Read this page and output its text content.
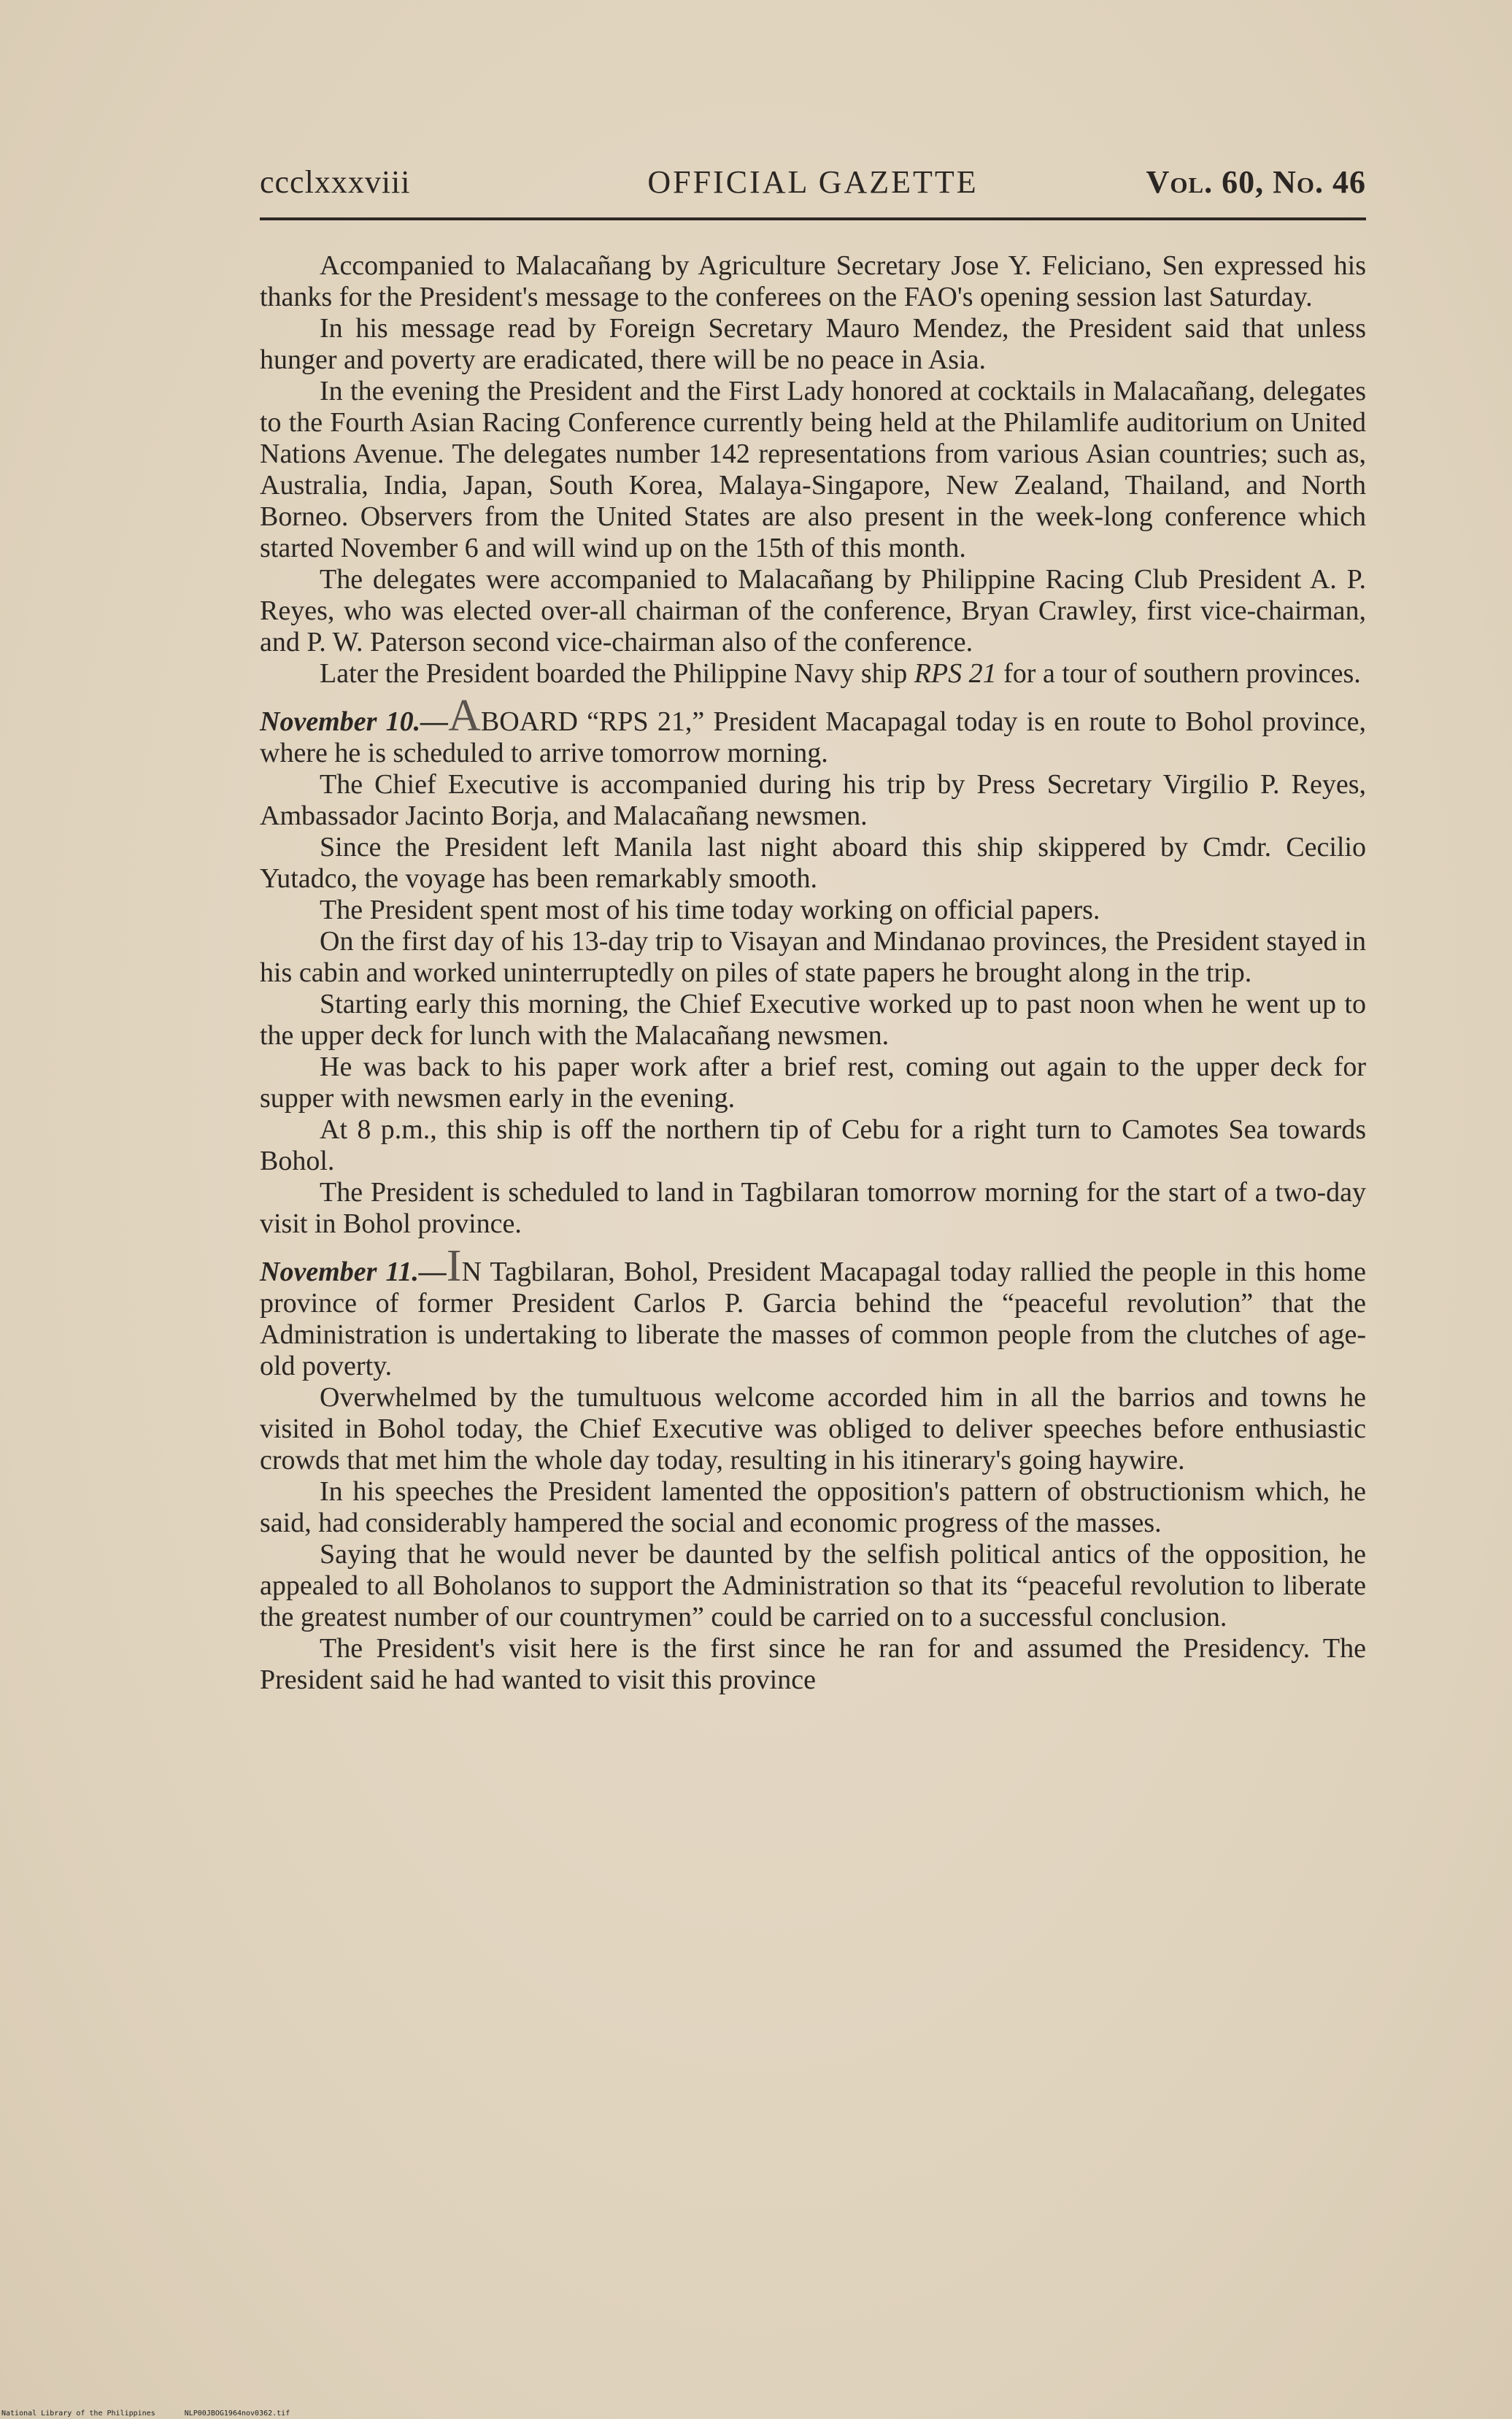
ccclxxxviii	OFFICIAL GAZETTE	Vol. 60, No. 46

Accompanied to Malacañang by Agriculture Secretary Jose Y. Feliciano, Sen expressed his thanks for the President's message to the conferees on the FAO's opening session last Saturday.

In his message read by Foreign Secretary Mauro Mendez, the President said that unless hunger and poverty are eradicated, there will be no peace in Asia.

In the evening the President and the First Lady honored at cocktails in Malacañang, delegates to the Fourth Asian Racing Conference currently being held at the Philamlife auditorium on United Nations Avenue. The delegates number 142 representations from various Asian countries; such as, Australia, India, Japan, South Korea, Malaya-Singapore, New Zealand, Thailand, and North Borneo. Observers from the United States are also present in the week-long conference which started November 6 and will wind up on the 15th of this month.

The delegates were accompanied to Malacañang by Philippine Racing Club President A. P. Reyes, who was elected over-all chairman of the conference, Bryan Crawley, first vice-chairman, and P. W. Paterson second vice-chairman also of the conference.

Later the President boarded the Philippine Navy ship RPS 21 for a tour of southern provinces.

November 10.—ABOARD “RPS 21,” President Macapagal today is en route to Bohol province, where he is scheduled to arrive tomorrow morning.

The Chief Executive is accompanied during his trip by Press Secretary Virgilio P. Reyes, Ambassador Jacinto Borja, and Malacañang newsmen.

Since the President left Manila last night aboard this ship skippered by Cmdr. Cecilio Yutadco, the voyage has been remarkably smooth.

The President spent most of his time today working on official papers.

On the first day of his 13-day trip to Visayan and Mindanao provinces, the President stayed in his cabin and worked uninterruptedly on piles of state papers he brought along in the trip.

Starting early this morning, the Chief Executive worked up to past noon when he went up to the upper deck for lunch with the Malacañang newsmen.

He was back to his paper work after a brief rest, coming out again to the upper deck for supper with newsmen early in the evening.

At 8 p.m., this ship is off the northern tip of Cebu for a right turn to Camotes Sea towards Bohol.

The President is scheduled to land in Tagbilaran tomorrow morning for the start of a two-day visit in Bohol province.

November 11.—IN Tagbilaran, Bohol, President Macapagal today rallied the people in this home province of former President Carlos P. Garcia behind the “peaceful revolution” that the Administration is undertaking to liberate the masses of common people from the clutches of age-old poverty.

Overwhelmed by the tumultuous welcome accorded him in all the barrios and towns he visited in Bohol today, the Chief Executive was obliged to deliver speeches before enthusiastic crowds that met him the whole day today, resulting in his itinerary's going haywire.

In his speeches the President lamented the opposition's pattern of obstructionism which, he said, had considerably hampered the social and economic progress of the masses.

Saying that he would never be daunted by the selfish political antics of the opposition, he appealed to all Boholanos to support the Administration so that its “peaceful revolution to liberate the greatest number of our countrymen” could be carried on to a successful conclusion.

The President's visit here is the first since he ran for and assumed the Presidency. The President said he had wanted to visit this province

National Library of the Philippines	NLP00JBOG1964nov0362.tif
